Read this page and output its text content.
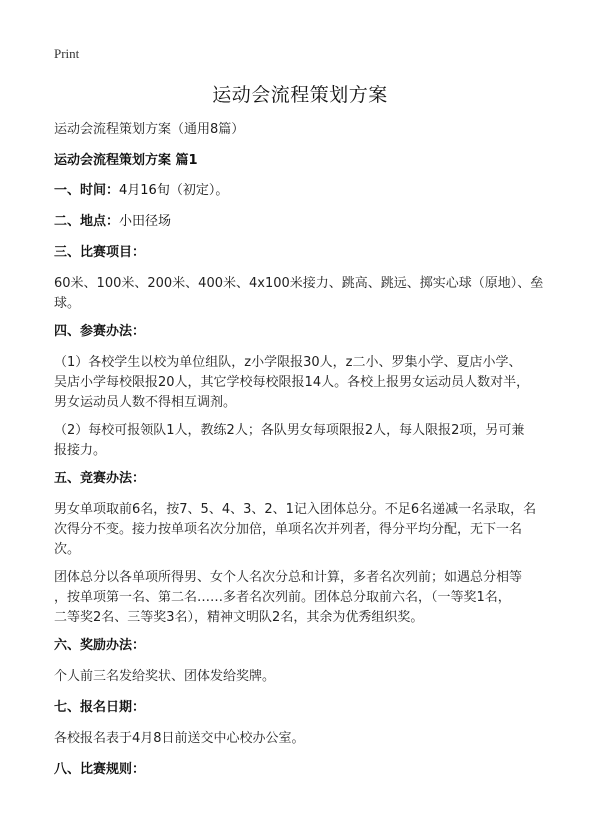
Print
运动会流程策划方案
运动会流程策划方案（通用8篇）
运动会流程策划方案 篇1
一、时间：4月16旬（初定）。
二、地点：小田径场
三、比赛项目：
60米、100米、200米、400米、4x100米接力、跳高、跳远、掷实心球（原地）、垒
球。
四、参赛办法：
（1）各校学生以校为单位组队，z小学限报30人，z二小、罗集小学、夏店小学、
吴店小学每校限报20人，其它学校每校限报14人。各校上报男女运动员人数对半，
男女运动员人数不得相互调剂。
（2）每校可报领队1人，教练2人；各队男女每项限报2人，每人限报2项，另可兼
报接力。
五、竞赛办法：
男女单项取前6名，按7、5、4、3、2、1记入团体总分。不足6名递减一名录取，名
次得分不变。接力按单项名次分加倍，单项名次并列者，得分平均分配，无下一名
次。
团体总分以各单项所得男、女个人名次分总和计算，多者名次列前；如遇总分相等
，按单项第一名、第二名……多者名次列前。团体总分取前六名，（一等奖1名，
二等奖2名、三等奖3名），精神文明队2名，其余为优秀组织奖。
六、奖励办法：
个人前三名发给奖状、团体发给奖牌。
七、报名日期：
各校报名表于4月8日前送交中心校办公室。
八、比赛规则：
